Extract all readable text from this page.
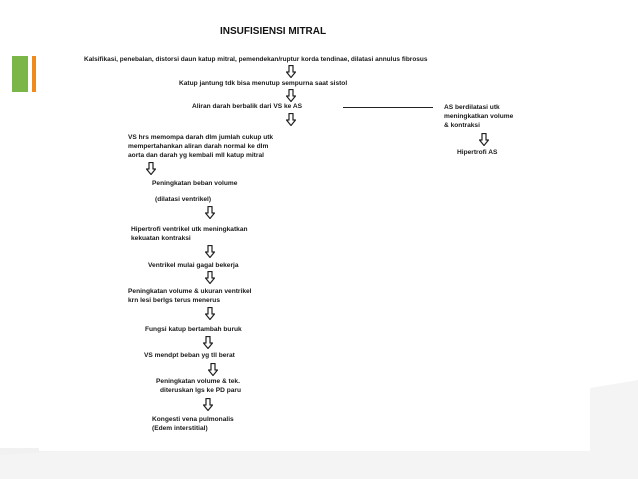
INSUFISIENSI MITRAL
Kalsifikasi, penebalan, distorsi daun katup mitral, pemendekan/ruptur korda tendinae, dilatasi annulus fibrosus
Katup jantung tdk bisa menutup sempurna saat sistol
Aliran darah berbalik dari VS ke AS	AS berdilatasi utk
meningkatkan volume
& kontraksi
Hipertrofi AS
VS hrs memompa darah dlm jumlah cukup utk
mempertahankan aliran darah normal ke dlm
aorta dan darah yg kembali mll katup mitral
Peningkatan beban volume
(dilatasi ventrikel)
Hipertrofi ventrikel utk meningkatkan
kekuatan kontraksi
Ventrikel mulai gagal bekerja
Peningkatan volume & ukuran ventrikel
krn lesi berlgs terus menerus
Fungsi katup bertambah buruk
VS mendpt beban yg tll berat
Peningkatan volume & tek.
diteruskan lgs ke PD paru
Kongesti vena pulmonalis
(Edem interstitial)
